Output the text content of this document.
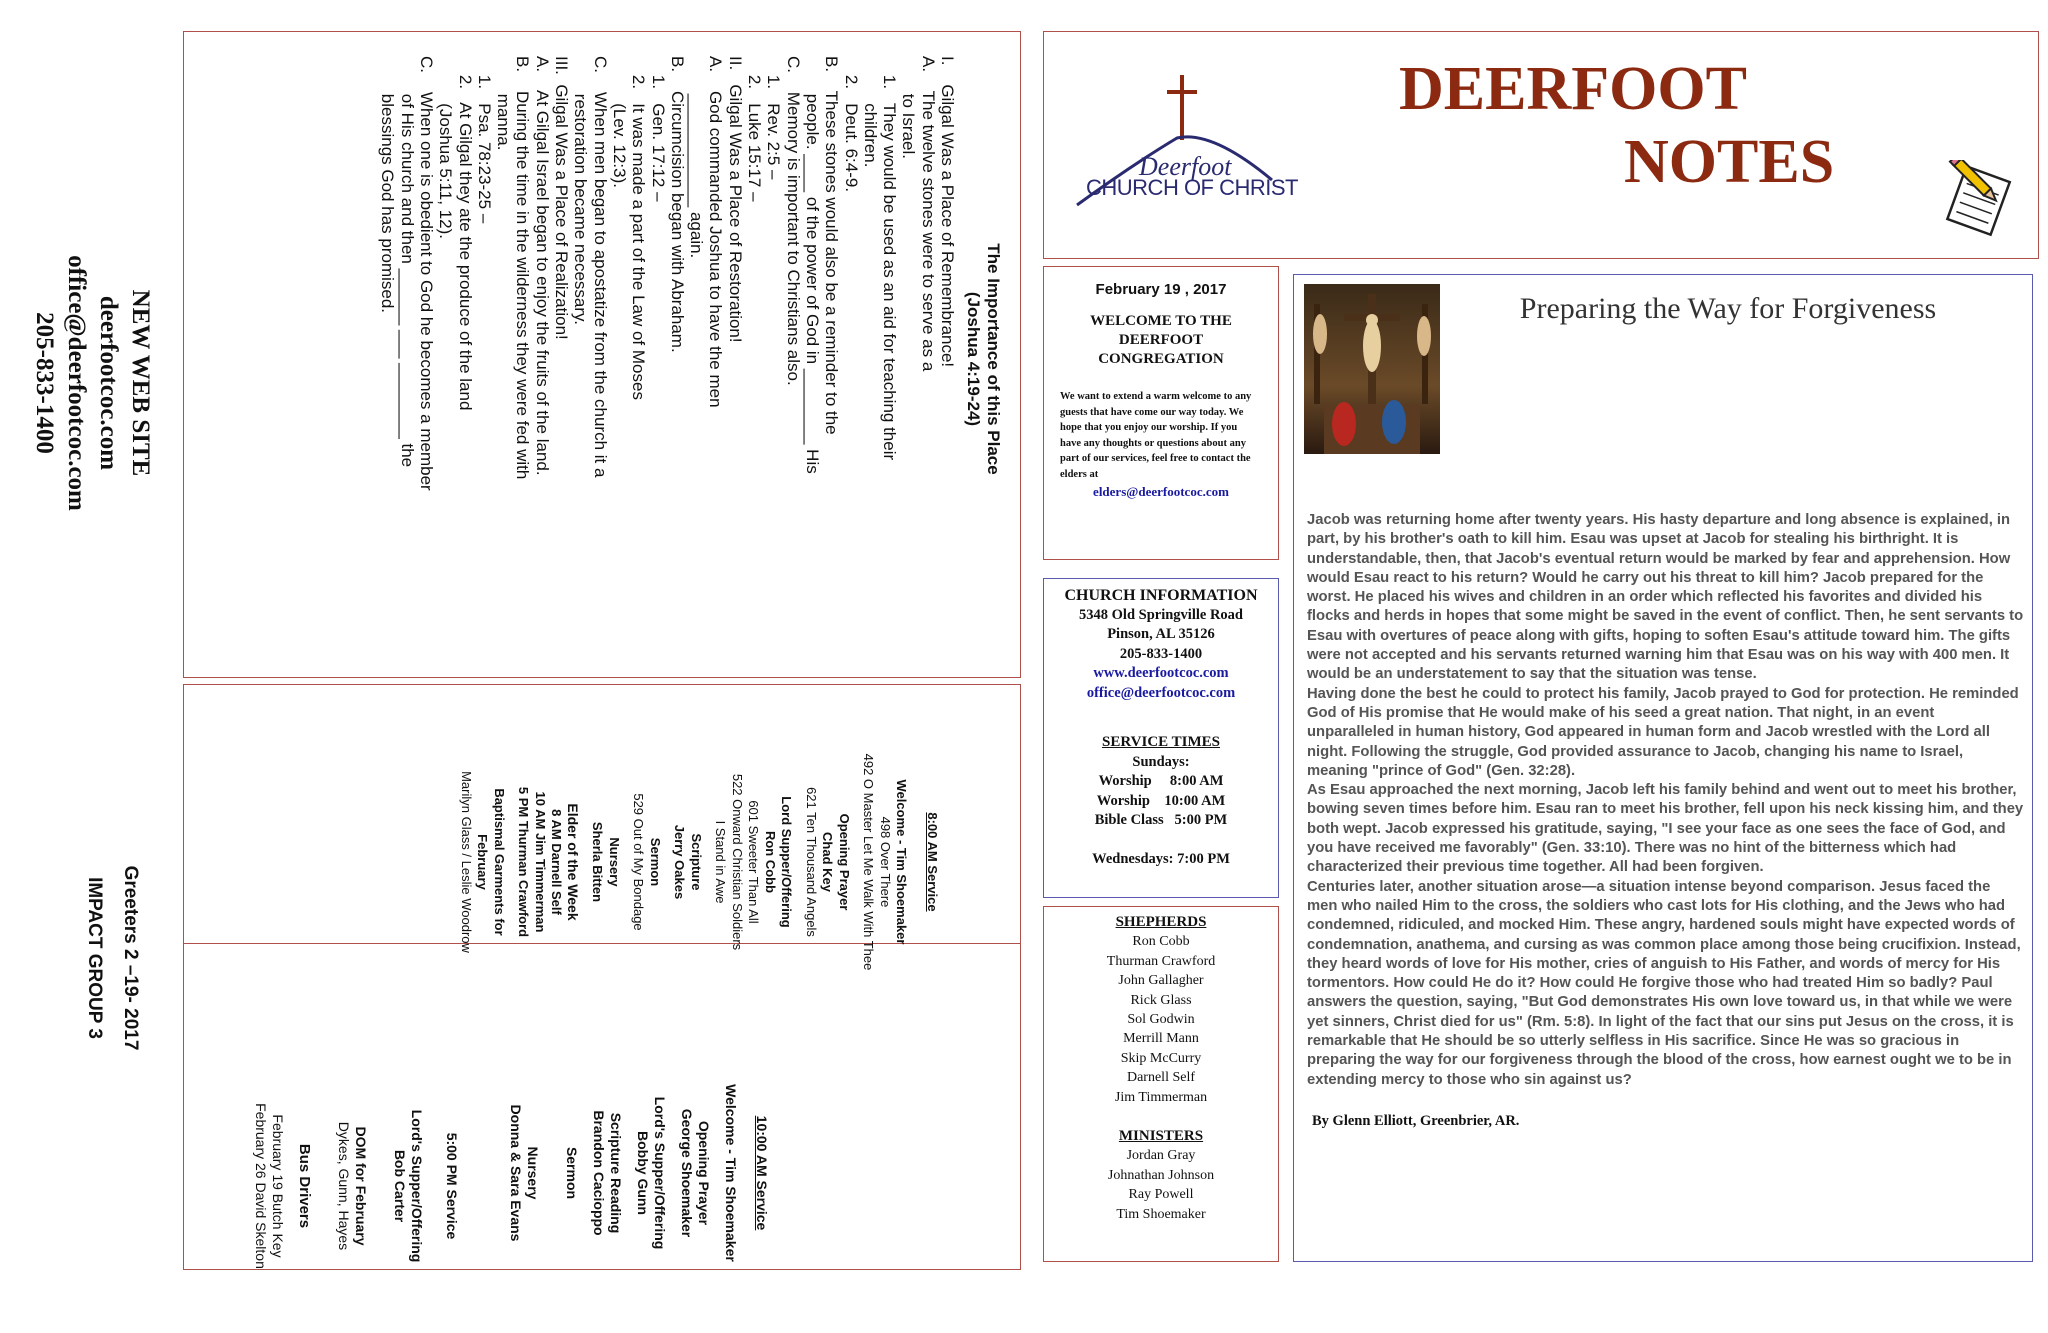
The Importance of this Place

(Joshua 4:19-24)

I.    Gilgal Was a Place of Remembrance!
A.    The twelve stones were to serve as a
to Israel.
1.   They would be used as an aid for teaching their
children.
2.   Deut. 6:4-9.
B.    These stones would also be a reminder to the
people. ____ of the power of God in ________ His
C.    Memory is important to Christians also.
1.   Rev. 2:5 –
2.   Luke 15:17 –
II.   Gilgal Was a Place of Restoration!
A.    God commanded Joshua to have the men
____________ again.
B.    Circumcision began with Abraham.
1.   Gen. 17:12 –
2.   It was made a part of the Law of Moses
(Lev. 12:3).
C.    When men began to apostatize from the church it a
restoration became necessary.
III.  Gilgal Was a Place of Realization!
A.    At Gilgal Israel began to enjoy the fruits of the land.
B.    During the time in the wilderness they were fed with
manna.
1.   Psa. 78:23-25 –
2.   At Gilgal they ate the produce of the land
(Joshua 5:11, 12).
C.    When one is obedient to God he becomes a member
of His church and then ______ ___ ________ the
blessings God has promised.

NEW WEB SITE

deerfootcoc.com

office@deerfootcoc.com

205-833-1400

Greeters 2 –19- 2017

IMPACT GROUP 3

8:00 AM Service

Welcome - Tim Shoemaker

498 Over There

492 O Master Let Me Walk With Thee

Opening Prayer

Chad Key

621 Ten Thousand Angels

Lord Supper/Offering

Ron Cobb

601 Sweeter Than All

522 Onward Christian Soldiers

I Stand in Awe

Scripture

Jerry Oakes

Sermon

529 Out of My Bondage

Nursery

Sherla Bitten

Elder of the Week

8 AM Darnell Self

10 AM Jim Timmerman

5 PM Thurman Crawford

Baptismal Garments for

February

Marilyn Glass / Leslie Woodrow

10:00 AM Service

Welcome - Tim Shoemaker

Opening Prayer

George Shoemaker

Lord's Supper/Offering

Bobby Gunn

Scripture Reading

Brandon Cacioppo

Sermon

Nursery

Donna & Sara Evans

5:00 PM Service

Lord's Supper/Offering

Bob Carter

DOM for February

Dykes, Gunn, Hayes

Bus Drivers

February 19 Butch Key

February 26 David Skelton

Deerfoot
CHURCH OF CHRIST
DEERFOOT
NOTES

February 19 , 2017

WELCOME TO THE DEERFOOT CONGREGATION

We want to extend a warm welcome to any guests that have come our way today. We hope that you enjoy our worship. If you have any thoughts or questions about any part of our services, feel free to contact the elders at

elders@deerfootcoc.com

CHURCH INFORMATION

5348 Old Springville Road

Pinson, AL 35126

205-833-1400

www.deerfootcoc.com

office@deerfootcoc.com

SERVICE TIMES

Sundays:

Worship     8:00 AM

Worship    10:00 AM

Bible Class   5:00 PM

Wednesdays: 7:00 PM

SHEPHERDS

Ron Cobb

Thurman Crawford

John Gallagher

Rick Glass

Sol Godwin

Merrill Mann

Skip McCurry

Darnell Self

Jim Timmerman

MINISTERS

Jordan Gray

Johnathan Johnson

Ray Powell

Tim Shoemaker

Preparing the Way for Forgiveness

Jacob was returning home after twenty years. His hasty departure and long absence is explained, in part, by his brother's oath to kill him. Esau was upset at Jacob for stealing his birthright. It is understandable, then, that Jacob's eventual return would be marked by fear and apprehension. How would Esau react to his return? Would he carry out his threat to kill him? Jacob prepared for the worst. He placed his wives and children in an order which reflected his favorites and divided his flocks and herds in hopes that some might be saved in the event of conflict. Then, he sent servants to Esau with overtures of peace along with gifts, hoping to soften Esau's attitude toward him. The gifts were not accepted and his servants returned warning him that Esau was on his way with 400 men. It would be an understatement to say that the situation was tense.

Having done the best he could to protect his family, Jacob prayed to God for protection. He reminded God of His promise that He would make of his seed a great nation. That night, in an event unparalleled in human history, God appeared in human form and Jacob wrestled with the Lord all night. Following the struggle, God provided assurance to Jacob, changing his name to Israel, meaning "prince of God" (Gen. 32:28).

As Esau approached the next morning, Jacob left his family behind and went out to meet his brother, bowing seven times before him. Esau ran to meet his brother, fell upon his neck kissing him, and they both wept. Jacob expressed his gratitude, saying, "I see your face as one sees the face of God, and you have received me favorably" (Gen. 33:10). There was no hint of the bitterness which had characterized their previous time together. All had been forgiven.

Centuries later, another situation arose—a situation intense beyond comparison. Jesus faced the men who nailed Him to the cross, the soldiers who cast lots for His clothing, and the Jews who had condemned, ridiculed, and mocked Him. These angry, hardened souls might have expected words of condemnation, anathema, and cursing as was common place among those being crucifixion. Instead, they heard words of love for His mother, cries of anguish to His Father, and words of mercy for His tormentors. How could He do it? How could He forgive those who had treated Him so badly? Paul answers the question, saying, "But God demonstrates His own love toward us, in that while we were yet sinners, Christ died for us" (Rm. 5:8). In light of the fact that our sins put Jesus on the cross, it is remarkable that He should be so utterly selfless in His sacrifice. Since He was so gracious in preparing the way for our forgiveness through the blood of the cross, how earnest ought we to be in extending mercy to those who sin against us?

By Glenn Elliott, Greenbrier, AR.
